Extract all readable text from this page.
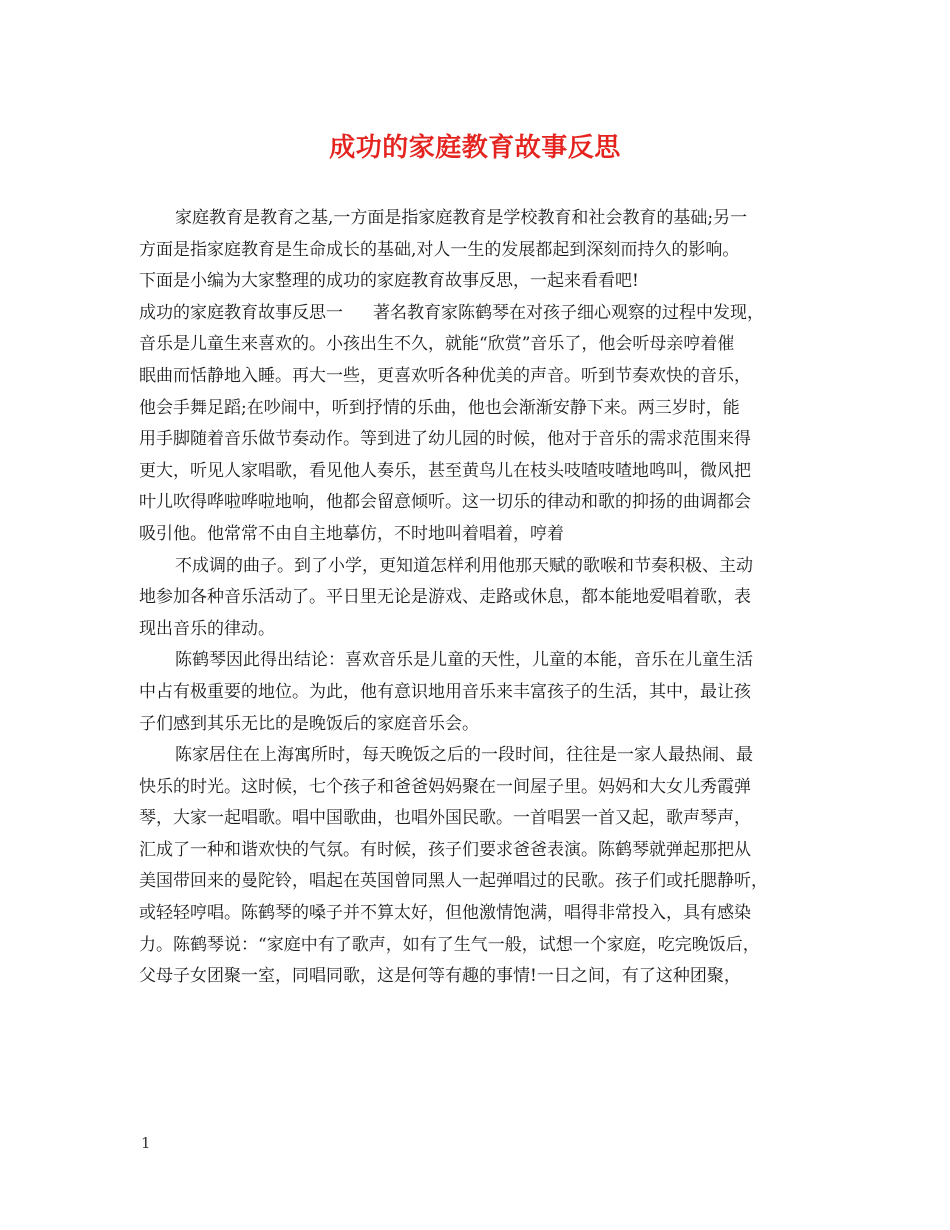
成功的家庭教育故事反思
家庭教育是教育之基,一方面是指家庭教育是学校教育和社会教育的基础;另一
方面是指家庭教育是生命成长的基础,对人一生的发展都起到深刻而持久的影响。
下面是小编为大家整理的成功的家庭教育故事反思，一起来看看吧!
成功的家庭教育故事反思一 著名教育家陈鹤琴在对孩子细心观察的过程中发现，
音乐是儿童生来喜欢的。小孩出生不久，就能“欣赏”音乐了，他会听母亲哼着催
眠曲而恬静地入睡。再大一些，更喜欢听各种优美的声音。听到节奏欢快的音乐，
他会手舞足蹈;在吵闹中，听到抒情的乐曲，他也会渐渐安静下来。两三岁时，能
用手脚随着音乐做节奏动作。等到进了幼儿园的时候，他对于音乐的需求范围来得
更大，听见人家唱歌，看见他人奏乐，甚至黄鸟儿在枝头吱喳吱喳地鸣叫，微风把
叶儿吹得哗啦哗啦地响，他都会留意倾听。这一切乐的律动和歌的抑扬的曲调都会
吸引他。他常常不由自主地摹仿，不时地叫着唱着，哼着
不成调的曲子。到了小学，更知道怎样利用他那天赋的歌喉和节奏积极、主动
地参加各种音乐活动了。平日里无论是游戏、走路或休息，都本能地爱唱着歌，表
现出音乐的律动。
陈鹤琴因此得出结论：喜欢音乐是儿童的天性，儿童的本能，音乐在儿童生活
中占有极重要的地位。为此，他有意识地用音乐来丰富孩子的生活，其中，最让孩
子们感到其乐无比的是晚饭后的家庭音乐会。
陈家居住在上海寓所时，每天晚饭之后的一段时间，往往是一家人最热闹、最
快乐的时光。这时候，七个孩子和爸爸妈妈聚在一间屋子里。妈妈和大女儿秀霞弹
琴，大家一起唱歌。唱中国歌曲，也唱外国民歌。一首唱罢一首又起，歌声琴声，
汇成了一种和谐欢快的气氛。有时候，孩子们要求爸爸表演。陈鹤琴就弹起那把从
美国带回来的曼陀铃，唱起在英国曾同黑人一起弹唱过的民歌。孩子们或托腮静听，
或轻轻哼唱。陈鹤琴的嗓子并不算太好，但他激情饱满，唱得非常投入，具有感染
力。陈鹤琴说：“家庭中有了歌声，如有了生气一般，试想一个家庭，吃完晚饭后，
父母子女团聚一室，同唱同歌，这是何等有趣的事情!一日之间，有了这种团聚，
1
